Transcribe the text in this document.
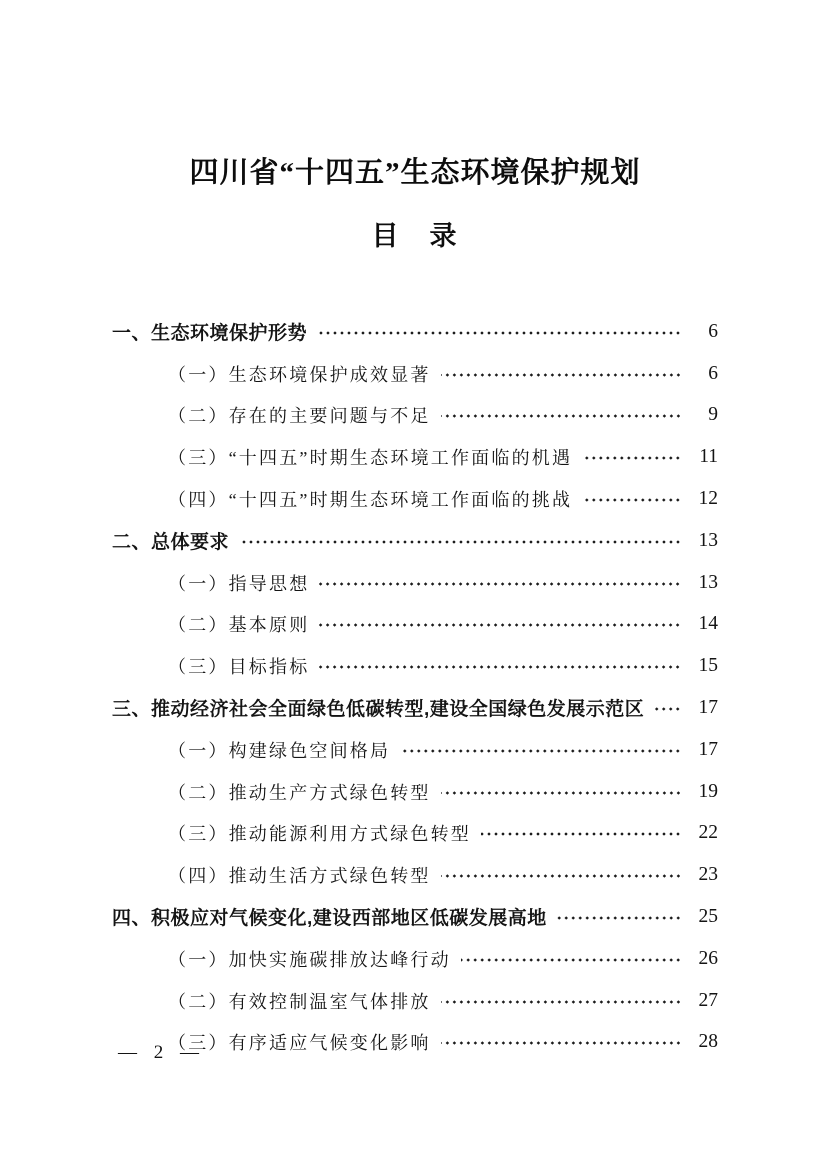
四川省“十四五”生态环境保护规划
目　录
一、生态环境保护形势	6
（一）生态环境保护成效显著	6
（二）存在的主要问题与不足	9
（三）“十四五”时期生态环境工作面临的机遇	11
（四）“十四五”时期生态环境工作面临的挑战	12
二、总体要求	13
（一）指导思想	13
（二）基本原则	14
（三）目标指标	15
三、推动经济社会全面绿色低碳转型,建设全国绿色发展示范区	17
（一）构建绿色空间格局	17
（二）推动生产方式绿色转型	19
（三）推动能源利用方式绿色转型	22
（四）推动生活方式绿色转型	23
四、积极应对气候变化,建设西部地区低碳发展高地	25
（一）加快实施碳排放达峰行动	26
（二）有效控制温室气体排放	27
（三）有序适应气候变化影响	28
— 2 —
